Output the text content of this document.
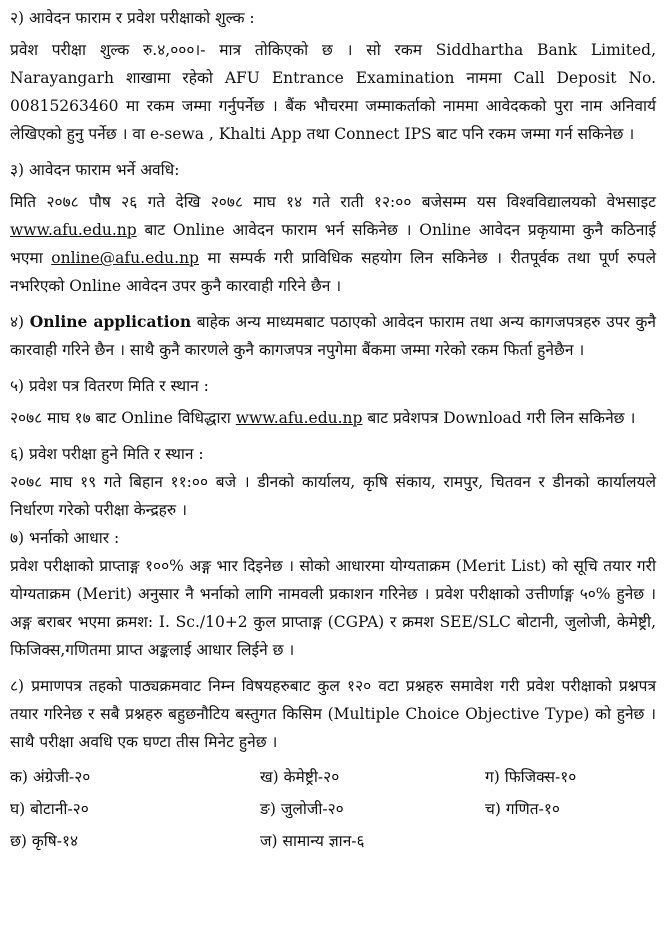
२) आवेदन फाराम र प्रवेश परीक्षाको शुल्क :

प्रवेश परीक्षा शुल्क रु.४,०००।- मात्र तोकिएको छ । सो रकम Siddhartha Bank Limited, Narayangarh शाखामा रहेको AFU Entrance Examination नाममा Call Deposit No. 00815263460 मा रकम जम्मा गर्नुपर्नेछ । बैंक भौचरमा जम्माकर्ताको नाममा आवेदकको पुरा नाम अनिवार्य लेखिएको हुनु पर्नेछ । वा e-sewa , Khalti App तथा Connect IPS बाट पनि रकम जम्मा गर्न सकिनेछ ।

३) आवेदन फाराम भर्ने अवधि:

मिति २०७८ पौष २६ गते देखि २०७८ माघ १४ गते राती १२:०० बजेसम्म यस विश्वविद्यालयको वेभसाइट www.afu.edu.np बाट Online आवेदन फाराम भर्न सकिनेछ । Online आवेदन प्रकृयामा कुनै कठिनाई भएमा online@afu.edu.np मा सम्पर्क गरी प्राविधिक सहयोग लिन सकिनेछ । रीतपूर्वक तथा पूर्ण रुपले नभरिएको Online आवेदन उपर कुनै कारवाही गरिने छैन ।

४) Online application बाहेक अन्य माध्यमबाट पठाएको आवेदन फाराम तथा अन्य कागजपत्रहरु उपर कुनै कारवाही गरिने छैन । साथै कुनै कारणले कुनै कागजपत्र नपुगेमा बैंकमा जम्मा गरेको रकम फिर्ता हुनेछैन ।

५) प्रवेश पत्र वितरण मिति र स्थान :

२०७८ माघ १७ बाट Online विधिद्धारा www.afu.edu.np बाट प्रवेशपत्र Download गरी लिन सकिनेछ ।

६) प्रवेश परीक्षा हुने मिति र स्थान :

२०७८ माघ १९ गते बिहान ११:०० बजे । डीनको कार्यालय, कृषि संकाय, रामपुर, चितवन र डीनको कार्यालयले निर्धारण गरेको परीक्षा केन्द्रहरु ।

७) भर्नाको आधार :

प्रवेश परीक्षाको प्राप्ताङ्ग १००% अङ्ग भार दिइनेछ । सोको आधारमा योग्यताक्रम (Merit List) को सूचि तयार गरी योग्यताक्रम (Merit) अनुसार नै भर्नाको लागि नामवली प्रकाशन गरिनेछ । प्रवेश परीक्षाको उत्तीर्णाङ्ग ५०% हुनेछ । अङ्ग बराबर भएमा क्रमश: I. Sc./10+2 कुल प्राप्ताङ्ग (CGPA) र क्रमश SEE/SLC बोटानी, जुलोजी, केमेष्ट्री, फिजिक्स,गणितमा प्राप्त अङ्कलाई आधार लिईने छ ।

८) प्रमाणपत्र तहको पाठ्यक्रमवाट निम्न विषयहरुबाट कुल १२० वटा प्रश्नहरु समावेश गरी प्रवेश परीक्षाको प्रश्नपत्र तयार गरिनेछ र सबै प्रश्नहरु बहुछनौटिय बस्तुगत किसिम (Multiple Choice Objective Type) को हुनेछ । साथै परीक्षा अवधि एक घण्टा तीस मिनेट हुनेछ ।

क) अंग्रेजी-२०	ख) केमेष्ट्री-२०	ग) फिजिक्स-१०
घ) बोटानी-२०	ङ) जुलोजी-२०	च) गणित-१०
छ) कृषि-१४	ज) सामान्य ज्ञान-६
